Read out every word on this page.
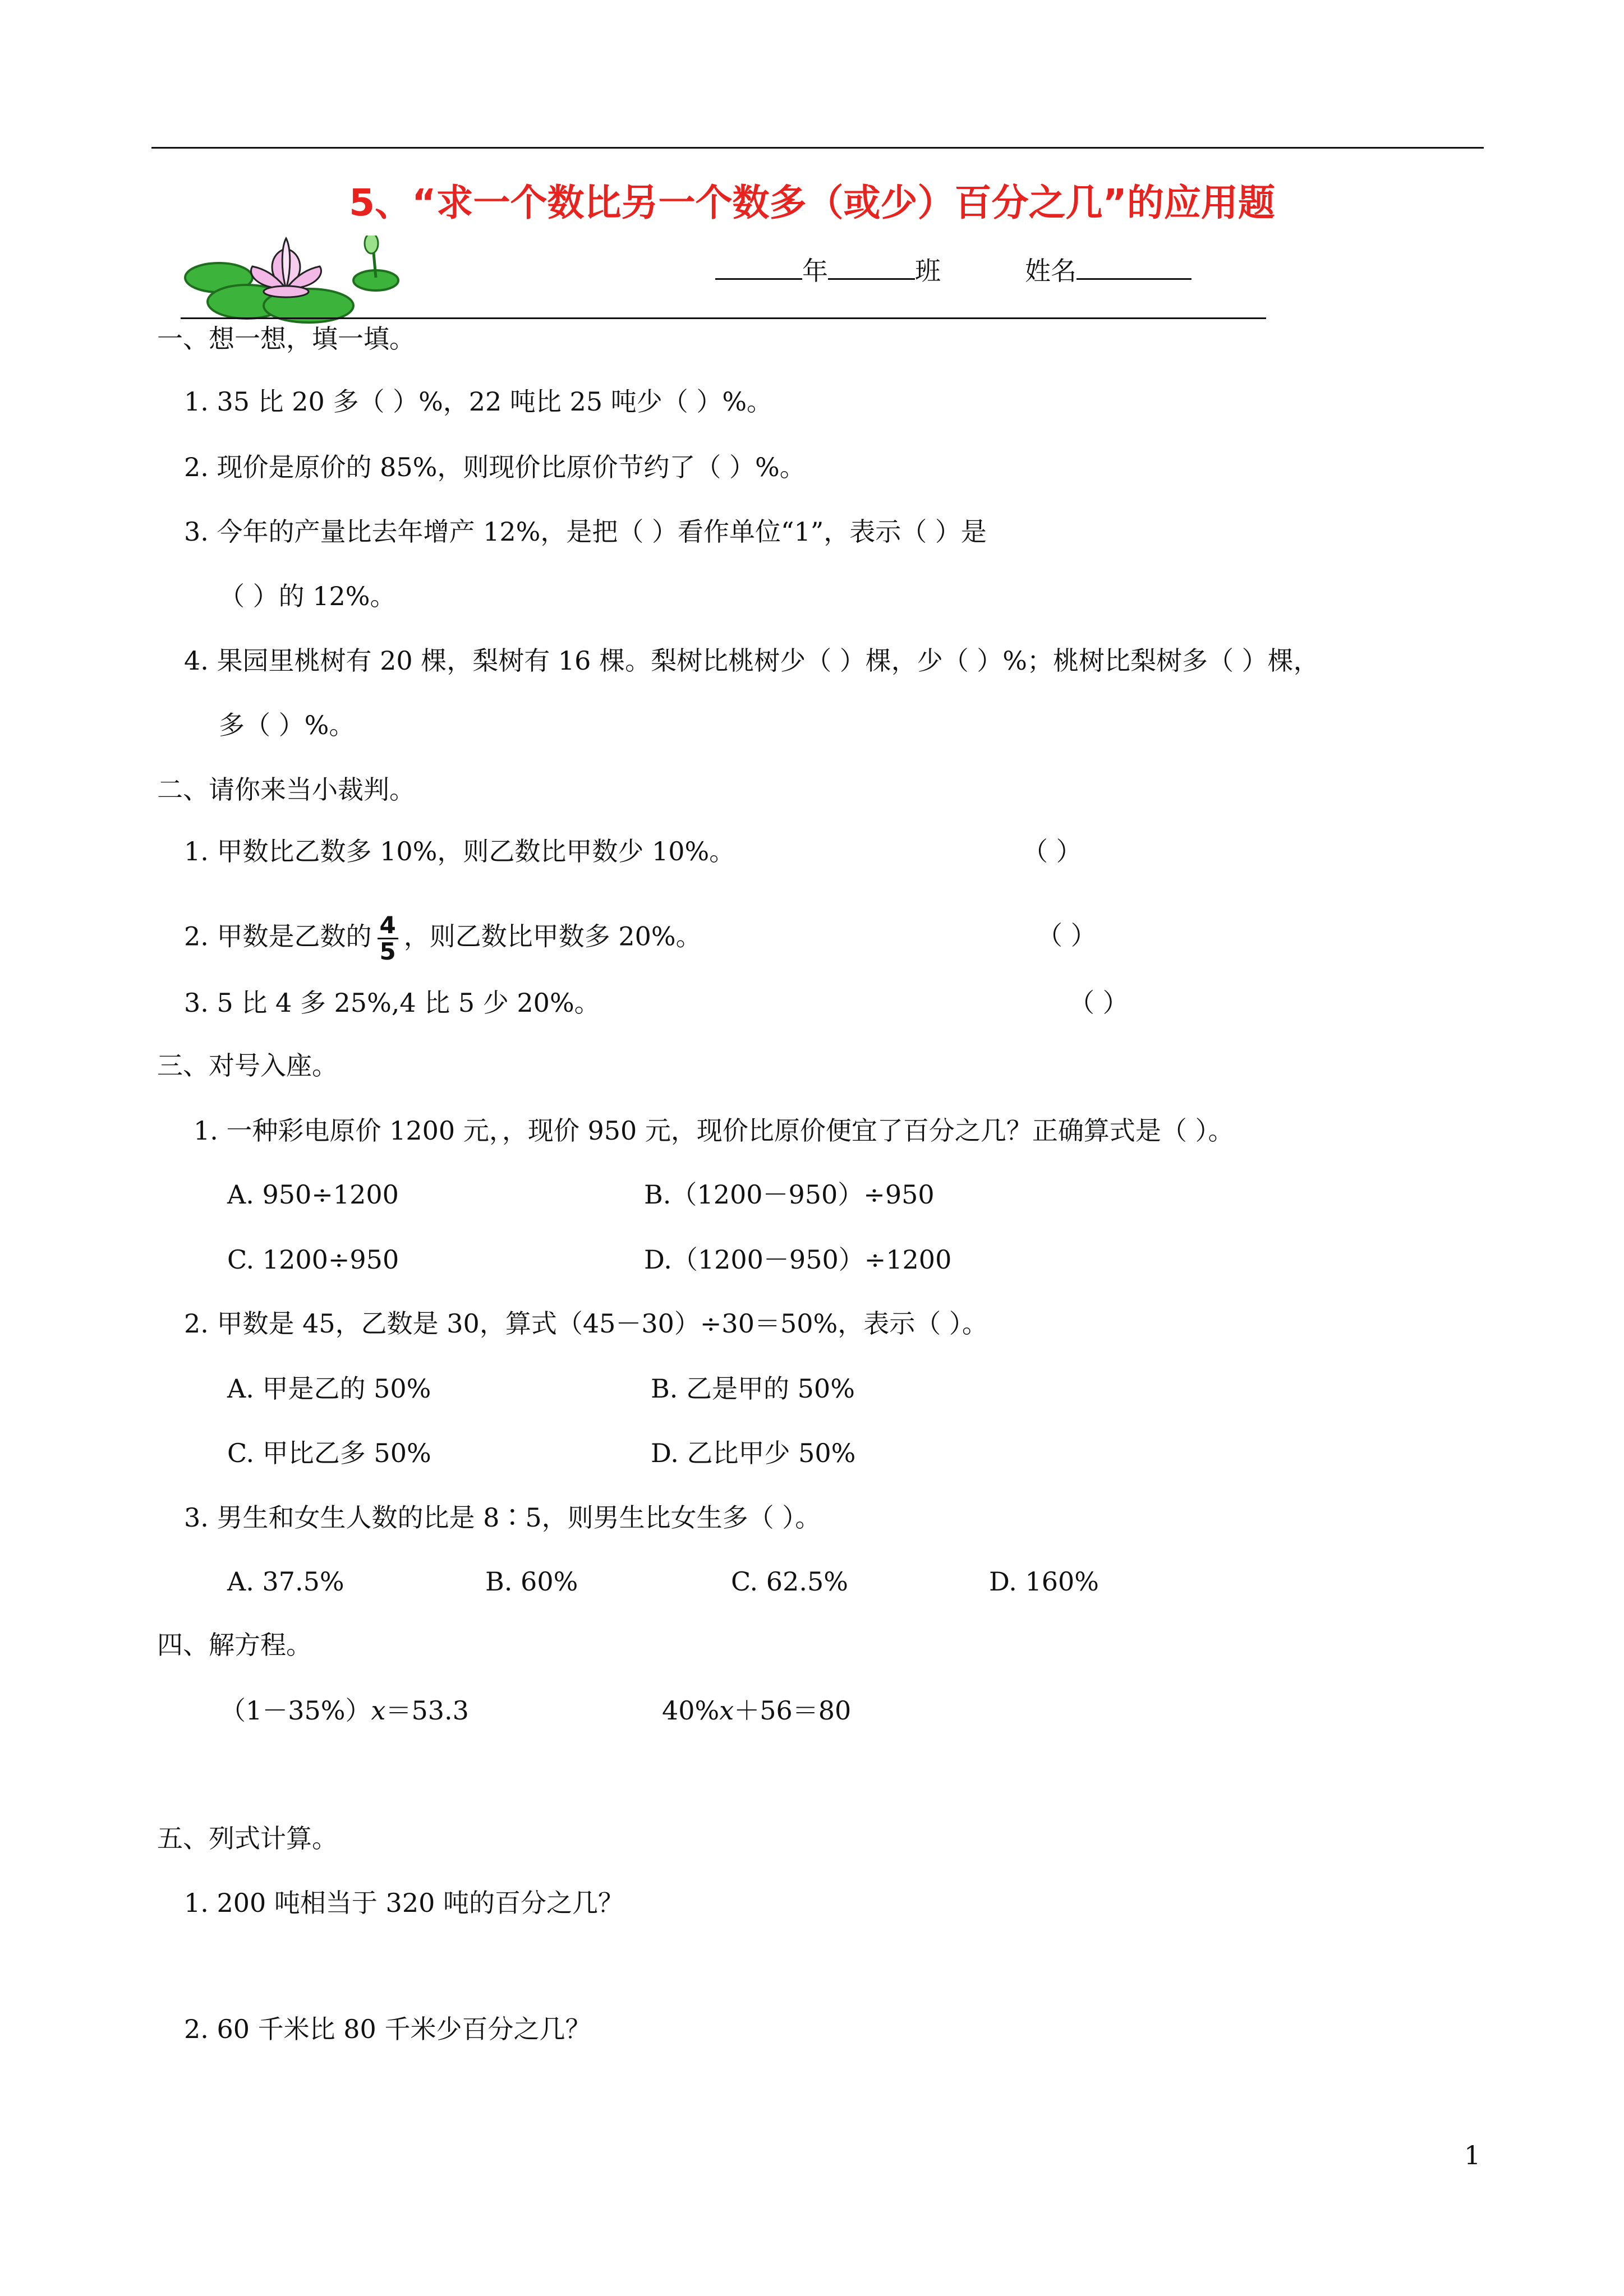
5、“求一个数比另一个数多（或少）百分之几”的应用题
年	班	姓名
一、想一想，填一填。
1. 35 比 20 多（ ）%，22 吨比 25 吨少（ ）%。
2. 现价是原价的 85%，则现价比原价节约了（ ）%。
3. 今年的产量比去年增产 12%，是把（ ）看作单位“1”，表示（ ）是
（ ）的 12%。
4. 果园里桃树有 20 棵，梨树有 16 棵。梨树比桃树少（ ）棵，少（ ）%；桃树比梨树多（ ）棵，
多（ ）%。
二、请你来当小裁判。
1. 甲数比乙数多 10%，则乙数比甲数少 10%。	（ ）
2. 甲数是乙数的 $\frac{4}{5}$ ，则乙数比甲数多 20%。	（ ）
3. 5 比 4 多 25%,4 比 5 少 20%。	（ ）
三、对号入座。
1. 一种彩电原价 1200 元，，现价 950 元，现价比原价便宜了百分之几？正确算式是（ ）。
A. 950÷1200	B.（1200－950）÷950
C. 1200÷950	D.（1200－950）÷1200
2. 甲数是 45，乙数是 30，算式（45－30）÷30＝50%，表示（ ）。
A. 甲是乙的 50%	B. 乙是甲的 50%
C. 甲比乙多 50%	D. 乙比甲少 50%
3. 男生和女生人数的比是 8∶5，则男生比女生多（ ）。
A. 37.5%	B. 60%	C. 62.5%	D. 160%
四、解方程。
（1－35%）x＝53.3	40%x＋56＝80
五、列式计算。
1. 200 吨相当于 320 吨的百分之几？
2. 60 千米比 80 千米少百分之几？
1
